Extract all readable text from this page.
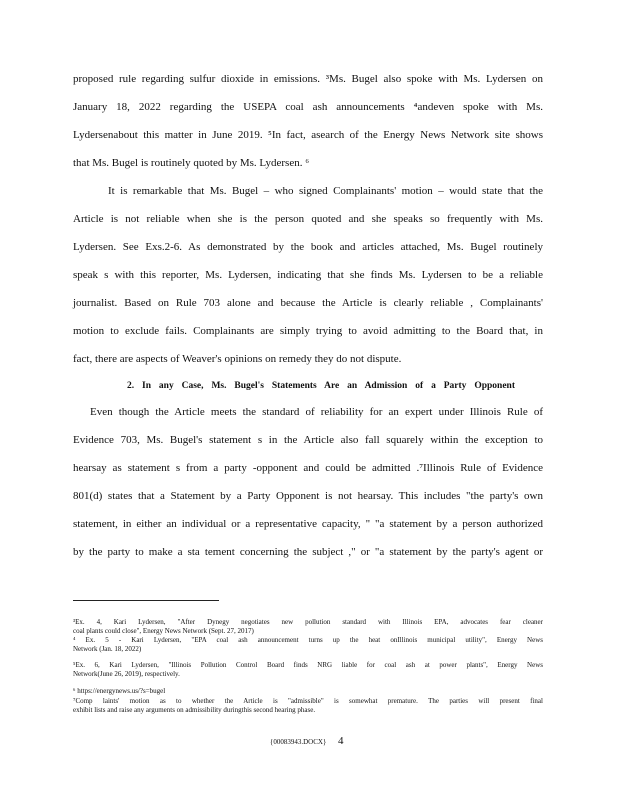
proposed rule regarding sulfur dioxide in emissions. ³Ms. Bugel also spoke with Ms. Lydersen on
January 18, 2022 regarding the USEPA coal ash announcements ⁴andeven spoke with Ms.
Lydersenabout this matter in June 2019. ⁵In fact, asearch of the Energy News Network site shows
that Ms. Bugel is routinely quoted by Ms. Lydersen. ⁶
It is remarkable that Ms. Bugel – who signed Complainants' motion – would state that the
Article is not reliable when she is the person quoted and she speaks so frequently with Ms.
Lydersen. See Exs.2-6. As demonstrated by the book and articles attached, Ms. Bugel routinely
speak s with this reporter, Ms. Lydersen, indicating that she finds Ms. Lydersen to be a reliable
journalist. Based on Rule 703 alone and because the Article is clearly reliable , Complainants'
motion to exclude fails. Complainants are simply trying to avoid admitting to the Board that, in
fact, there are aspects of Weaver's opinions on remedy they do not dispute.
2. In any Case, Ms. Bugel's Statements Are an Admission of a Party Opponent
Even though the Article meets the standard of reliability for an expert under Illinois Rule of
Evidence 703, Ms. Bugel's statement s in the Article also fall squarely within the exception to
hearsay as statement s from a party -opponent and could be admitted .⁷Illinois Rule of Evidence
801(d) states that a Statement by a Party Opponent is not hearsay. This includes "the party's own
statement, in either an individual or a representative capacity, " "a statement by a person authorized
by the party to make a sta tement concerning the subject ," or "a statement by the party's agent or
³Ex. 4, Kari Lydersen, "After Dynegy negotiates new pollution standard with Illinois EPA, advocates fear cleaner
coal plants could close", Energy News Network (Sept. 27, 2017)
⁴ Ex. 5 - Kari Lydersen, "EPA coal ash announcement turns up the heat onIllinois municipal utility", Energy News
Network (Jan. 18, 2022)
⁵Ex. 6, Kari Lydersen, "Illinois Pollution Control Board finds NRG liable for coal ash at power plants", Energy News
Network(June 26, 2019), respectively.
⁶ https://energynews.us/?s=bugel
⁷Comp laints' motion as to whether the Article is "admissible" is somewhat premature. The parties will present final
exhibit lists and raise any arguments on admissibility duringthis second hearing phase.
{00083943.DOCX} 4
